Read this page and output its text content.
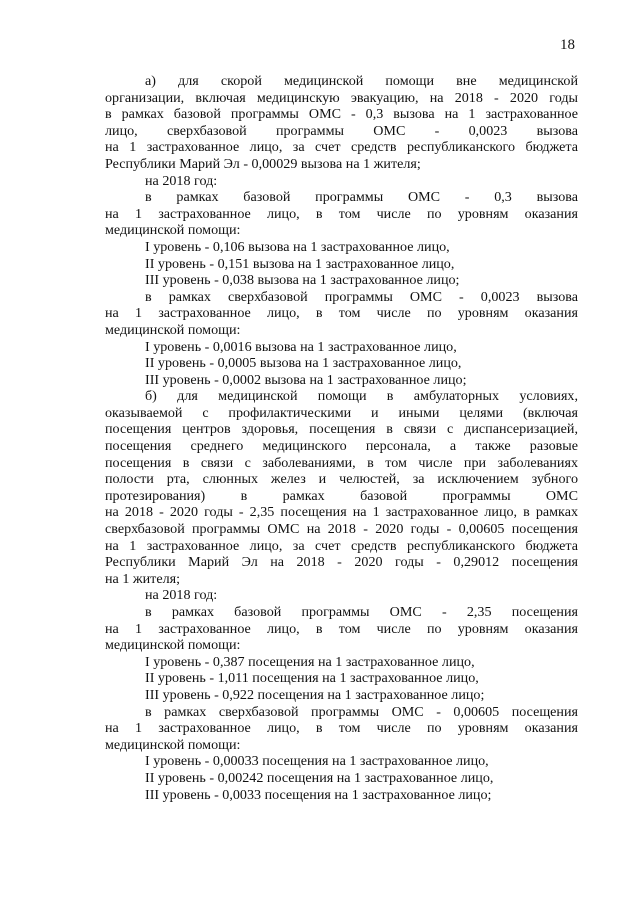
18
а) для скорой медицинской помощи вне медицинской
организации, включая медицинскую эвакуацию, на 2018 - 2020 годы
в рамках базовой программы ОМС - 0,3 вызова на 1 застрахованное
лицо, сверхбазовой программы ОМС - 0,0023 вызова
на 1 застрахованное лицо, за счет средств республиканского бюджета
Республики Марий Эл - 0,00029 вызова на 1 жителя;
на 2018 год:
в рамках базовой программы ОМС - 0,3 вызова
на 1 застрахованное лицо, в том числе по уровням оказания
медицинской помощи:
I уровень - 0,106 вызова на 1 застрахованное лицо,
II уровень - 0,151 вызова на 1 застрахованное лицо,
III уровень - 0,038 вызова на 1 застрахованное лицо;
в рамках сверхбазовой программы ОМС - 0,0023 вызова
на 1 застрахованное лицо, в том числе по уровням оказания
медицинской помощи:
I уровень - 0,0016 вызова на 1 застрахованное лицо,
II уровень - 0,0005 вызова на 1 застрахованное лицо,
III уровень - 0,0002 вызова на 1 застрахованное лицо;
б) для медицинской помощи в амбулаторных условиях,
оказываемой с профилактическими и иными целями (включая
посещения центров здоровья, посещения в связи с диспансеризацией,
посещения среднего медицинского персонала, а также разовые
посещения в связи с заболеваниями, в том числе при заболеваниях
полости рта, слюнных желез и челюстей, за исключением зубного
протезирования) в рамках базовой программы ОМС
на 2018 - 2020 годы - 2,35 посещения на 1 застрахованное лицо, в рамках
сверхбазовой программы ОМС на 2018 - 2020 годы - 0,00605 посещения
на 1 застрахованное лицо, за счет средств республиканского бюджета
Республики Марий Эл на 2018 - 2020 годы - 0,29012 посещения
на 1 жителя;
на 2018 год:
в рамках базовой программы ОМС - 2,35 посещения
на 1 застрахованное лицо, в том числе по уровням оказания
медицинской помощи:
I уровень - 0,387 посещения на 1 застрахованное лицо,
II уровень - 1,011 посещения на 1 застрахованное лицо,
III уровень - 0,922 посещения на 1 застрахованное лицо;
в рамках сверхбазовой программы ОМС - 0,00605 посещения
на 1 застрахованное лицо, в том числе по уровням оказания
медицинской помощи:
I уровень - 0,00033 посещения на 1 застрахованное лицо,
II уровень - 0,00242 посещения на 1 застрахованное лицо,
III уровень - 0,0033 посещения на 1 застрахованное лицо;
